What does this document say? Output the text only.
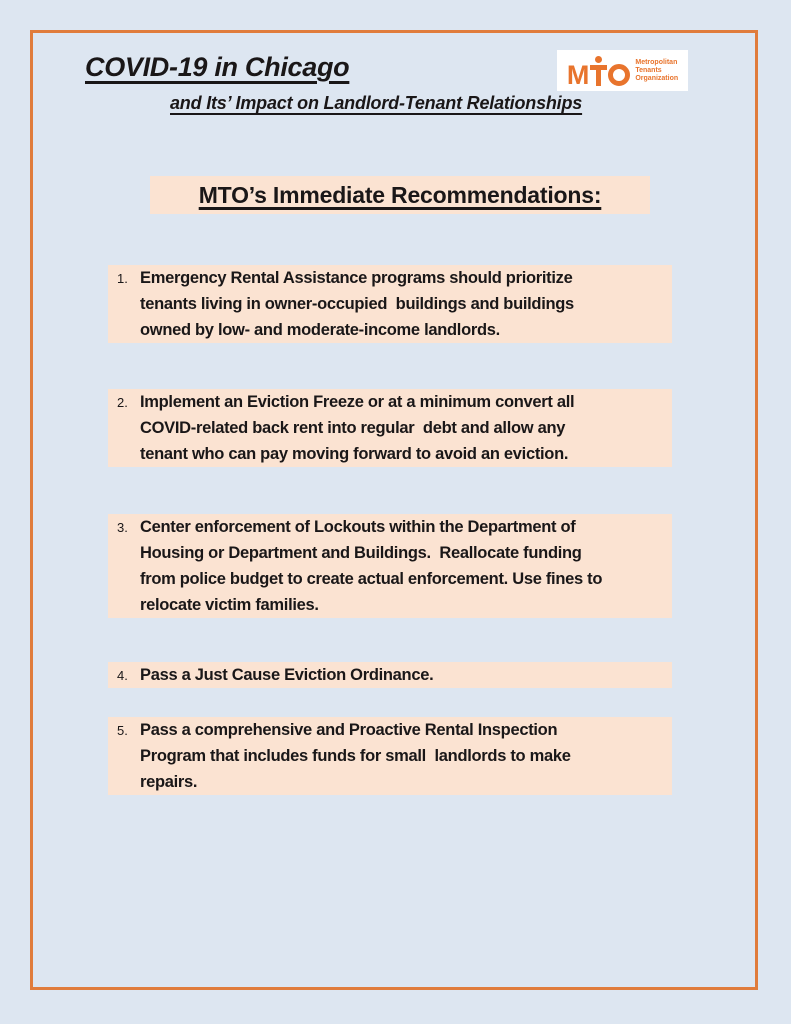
COVID-19 in Chicago
and Its’ Impact on Landlord-Tenant Relationships
M	Metropolitan
Tenants
Organization
MTO’s Immediate Recommendations:
1. Emergency Rental Assistance programs should prioritize
tenants living in owner-occupied  buildings and buildings
owned by low- and moderate-income landlords.
2. Implement an Eviction Freeze or at a minimum convert all
COVID-related back rent into regular  debt and allow any
tenant who can pay moving forward to avoid an eviction.
3. Center enforcement of Lockouts within the Department of
Housing or Department and Buildings.  Reallocate funding
from police budget to create actual enforcement. Use fines to
relocate victim families.
4. Pass a Just Cause Eviction Ordinance.
5. Pass a comprehensive and Proactive Rental Inspection
Program that includes funds for small  landlords to make
repairs.
